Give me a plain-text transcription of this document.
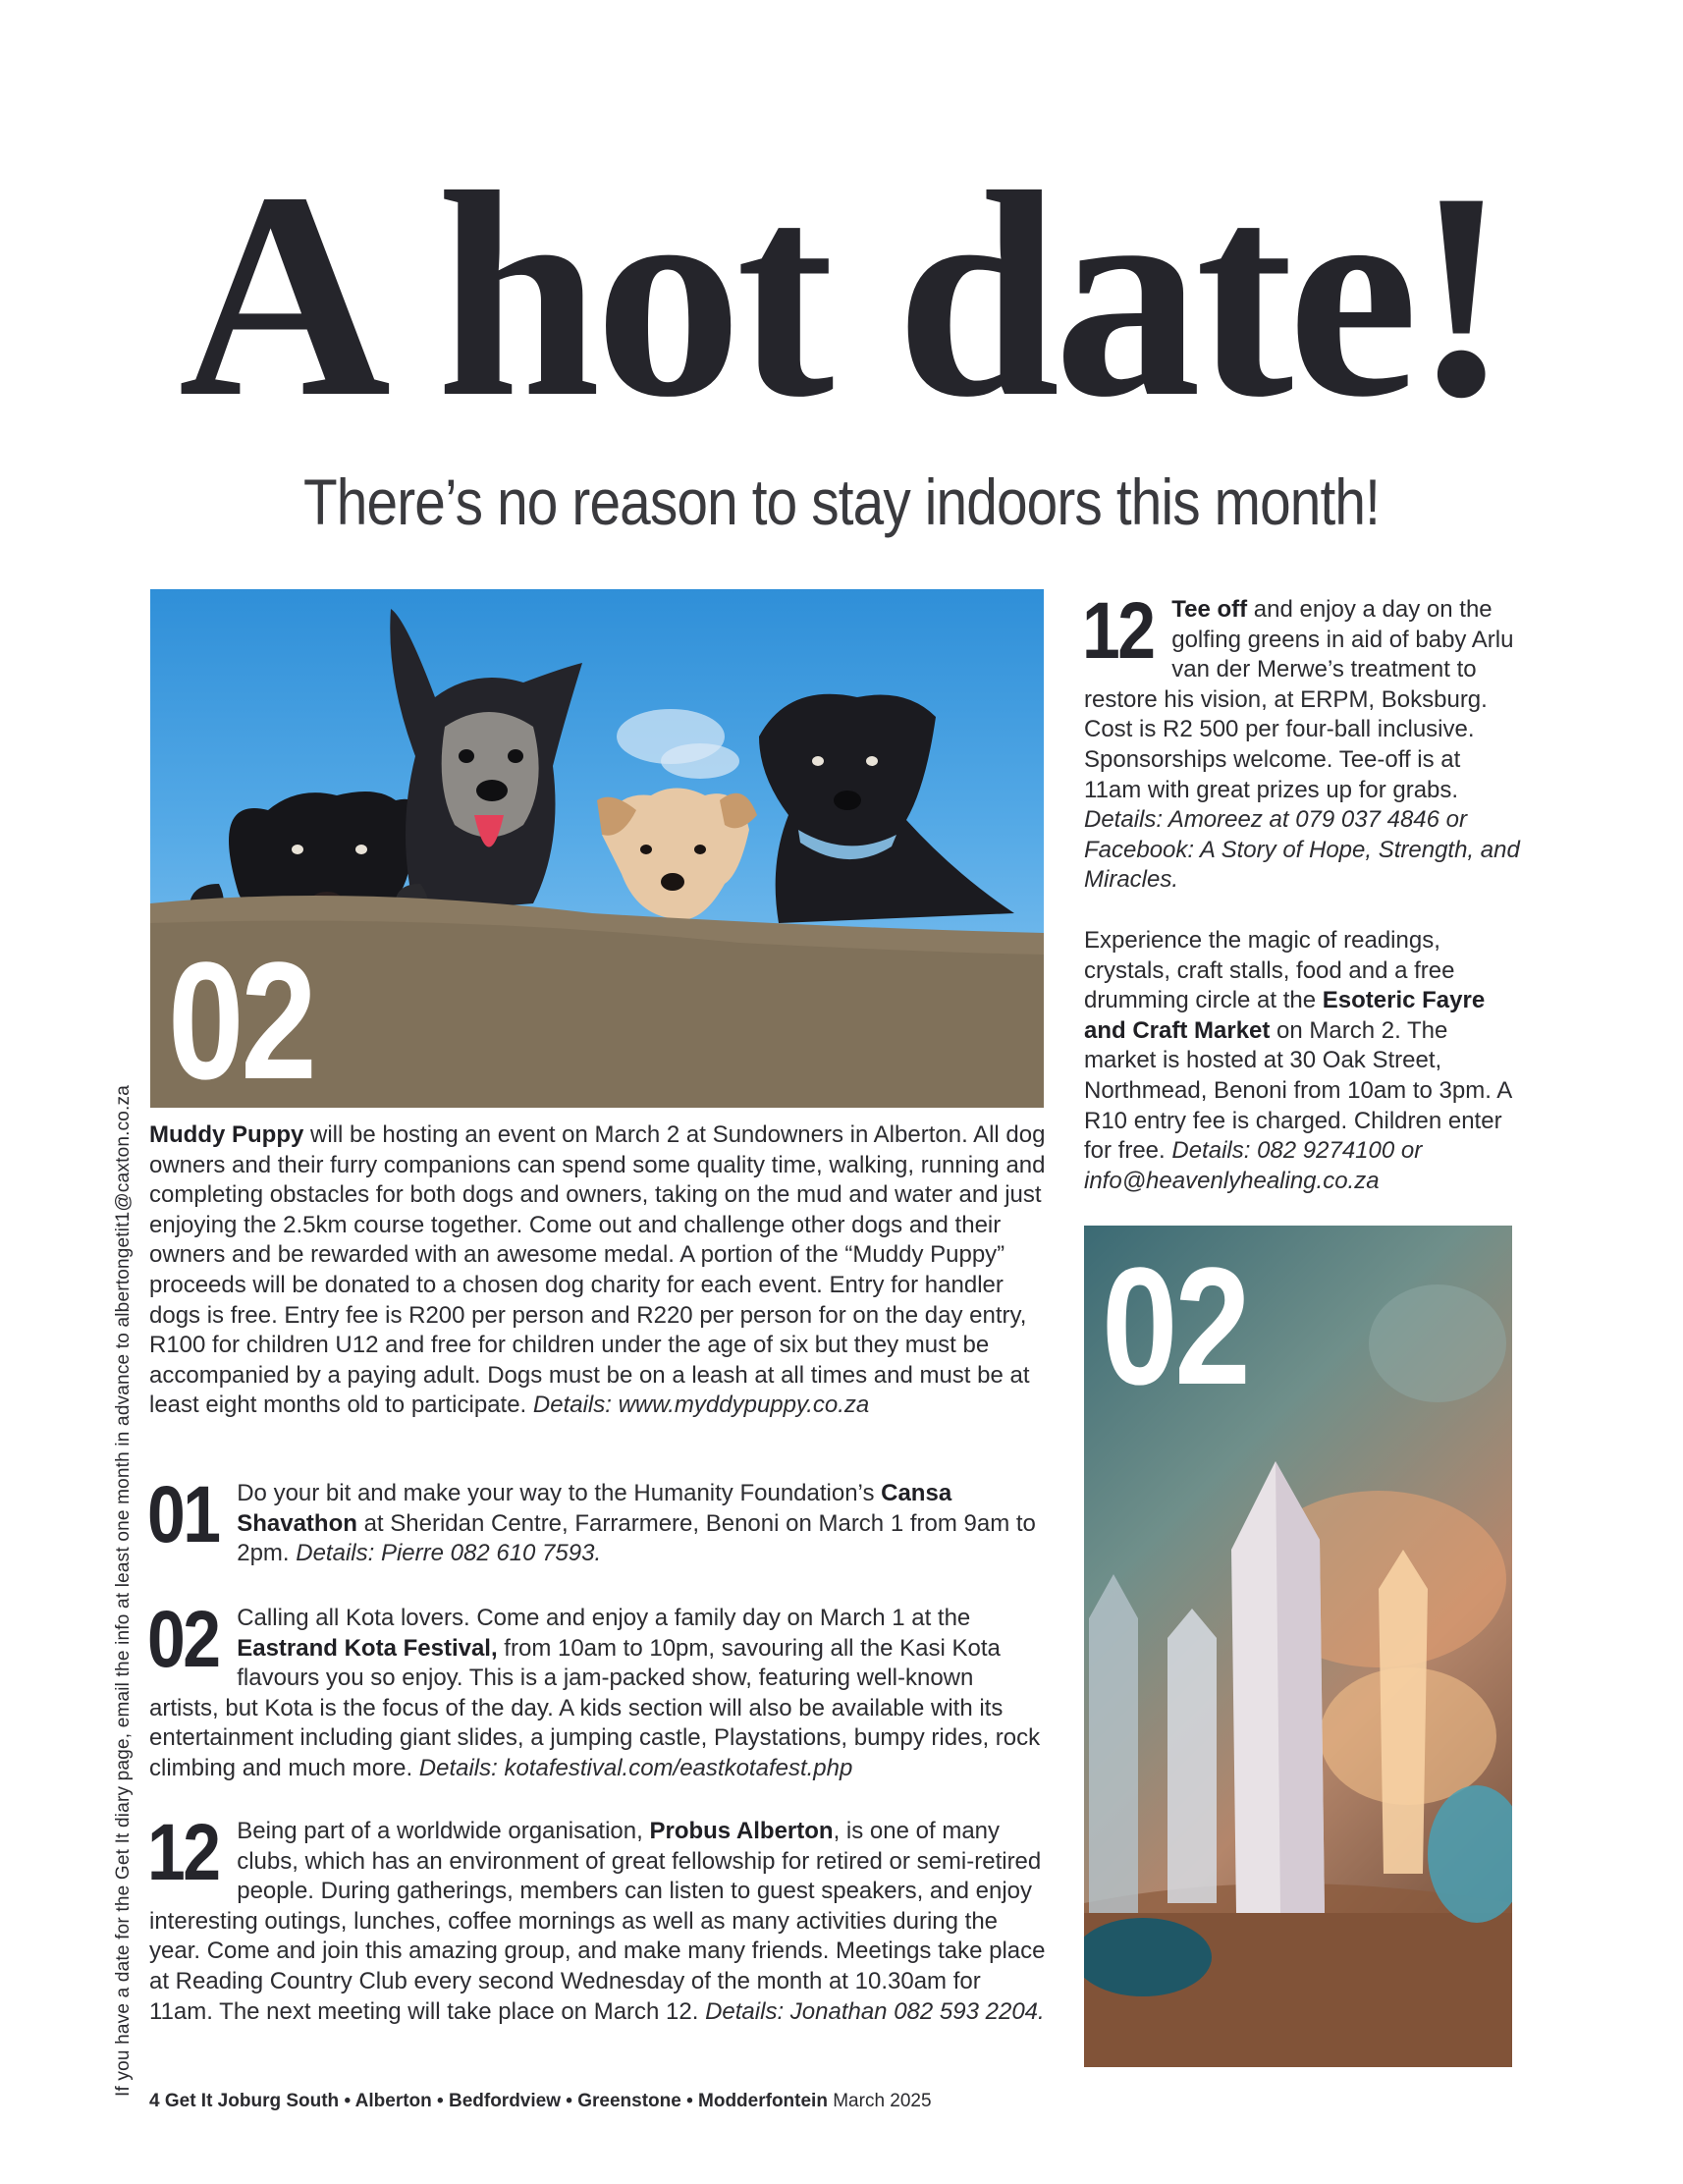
A hot date!
There’s no reason to stay indoors this month!
If you have a date for the Get It diary page, email the info at least one month in advance to albertongetit1@caxton.co.za
02
02

Muddy Puppy will be hosting an event on March 2 at Sundowners in Alberton. All dog owners and their furry companions can spend some quality time, walking, running and completing obstacles for both dogs and owners, taking on the mud and water and just enjoying the 2.5km course together. Come out and challenge other dogs and their owners and be rewarded with an awesome medal. A portion of the “Muddy Puppy” proceeds will be donated to a chosen dog charity for each event. Entry for handler dogs is free. Entry fee is R200 per person and R220 per person for on the day entry, R100 for children U12 and free for children under the age of six but they must be accompanied by a paying adult. Dogs must be on a leash at all times and must be at least eight months old to participate. Details: www.myddypuppy.co.za

01 Do your bit and make your way to the Humanity Foundation’s Cansa Shavathon at Sheridan Centre, Farrarmere, Benoni on March 1 from 9am to 2pm. Details: Pierre 082 610 7593.

02 Calling all Kota lovers. Come and enjoy a family day on March 1 at the Eastrand Kota Festival, from 10am to 10pm, savouring all the Kasi Kota flavours you so enjoy. This is a jam-packed show, featuring well-known artists, but Kota is the focus of the day. A kids section will also be available with its entertainment including giant slides, a jumping castle, Playstations, bumpy rides, rock climbing and much more. Details: kotafestival.com/eastkotafest.php

12 Being part of a worldwide organisation, Probus Alberton, is one of many clubs, which has an environment of great fellowship for retired or semi-retired people. During gatherings, members can listen to guest speakers, and enjoy interesting outings, lunches, coffee mornings as well as many activities during the year. Come and join this amazing group, and make many friends. Meetings take place at Reading Country Club every second Wednesday of the month at 10.30am for 11am. The next meeting will take place on March 12. Details: Jonathan 082 593 2204.

12 Tee off and enjoy a day on the golfing greens in aid of baby Arlu van der Merwe’s treatment to restore his vision, at ERPM, Boksburg. Cost is R2 500 per four-ball inclusive. Sponsorships welcome. Tee-off is at 11am with great prizes up for grabs. Details: Amoreez at 079 037 4846 or Facebook: A Story of Hope, Strength, and Miracles.

Experience the magic of readings, crystals, craft stalls, food and a free drumming circle at the Esoteric Fayre and Craft Market on March 2. The market is hosted at 30 Oak Street, Northmead, Benoni from 10am to 3pm. A R10 entry fee is charged. Children enter for free. Details: 082 9274100 or info@heavenlyhealing.co.za

4 Get It Joburg South • Alberton • Bedfordview • Greenstone • Modderfontein March 2025
